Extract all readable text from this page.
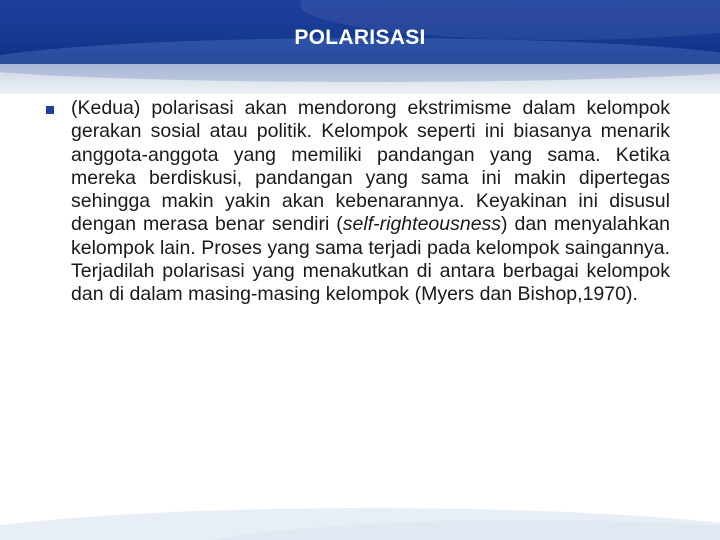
POLARISASI

(Kedua) polarisasi akan mendorong ekstrimisme dalam kelompok gerakan sosial atau politik. Kelompok seperti ini biasanya menarik anggota-anggota yang memiliki pandangan yang sama. Ketika mereka berdiskusi, pandangan yang sama ini makin dipertegas sehingga makin yakin akan kebenarannya. Keyakinan ini disusul dengan merasa benar sendiri (self-righteousness) dan menyalahkan kelompok lain. Proses yang sama terjadi pada kelompok saingannya. Terjadilah polarisasi yang menakutkan di antara berbagai kelompok dan di dalam masing-masing kelompok (Myers dan Bishop,1970).
